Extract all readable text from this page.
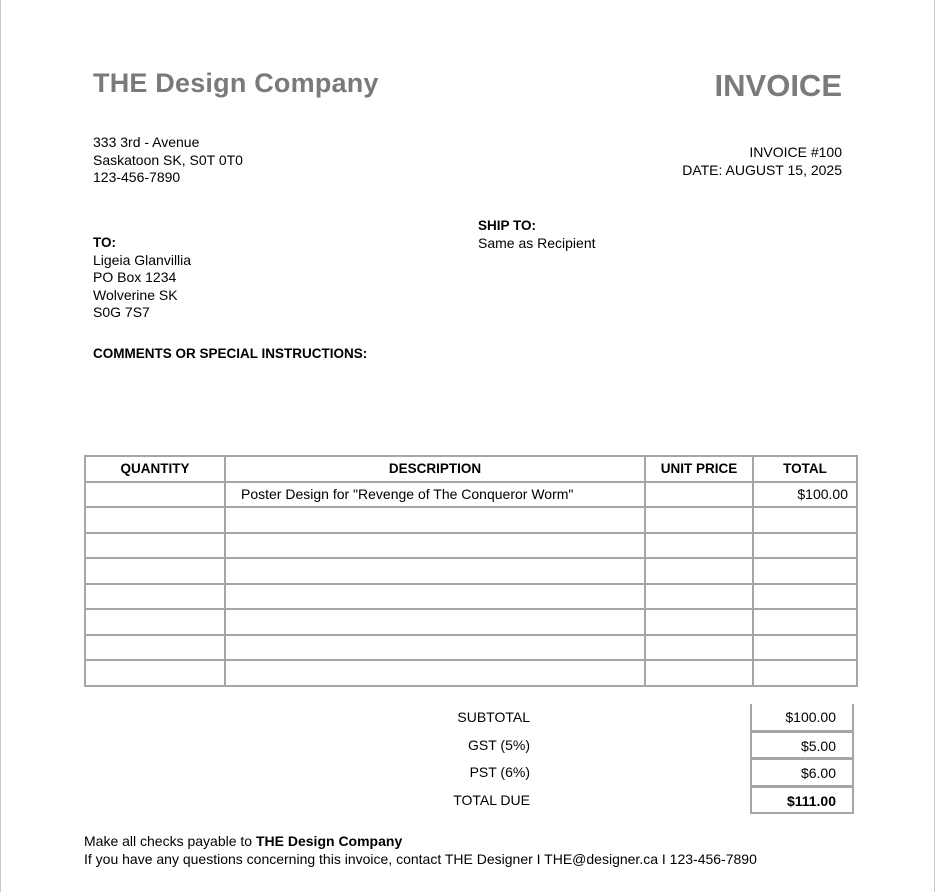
THE Design Company	INVOICE
333 3rd - Avenue
Saskatoon SK, S0T 0T0
123-456-7890
INVOICE #100
DATE: AUGUST 15, 2025
SHIP TO:
Same as Recipient
TO:
Ligeia Glanvillia
PO Box 1234
Wolverine SK
S0G 7S7
COMMENTS OR SPECIAL INSTRUCTIONS:
QUANTITY	DESCRIPTION	UNIT PRICE	TOTAL
	Poster Design for "Revenge of The Conqueror Worm"		$100.00

SUBTOTAL	$100.00
GST (5%)	$5.00
PST (6%)	$6.00
TOTAL DUE	$111.00
Make all checks payable to THE Design Company
If you have any questions concerning this invoice, contact THE Designer I THE@designer.ca I 123-456-7890
